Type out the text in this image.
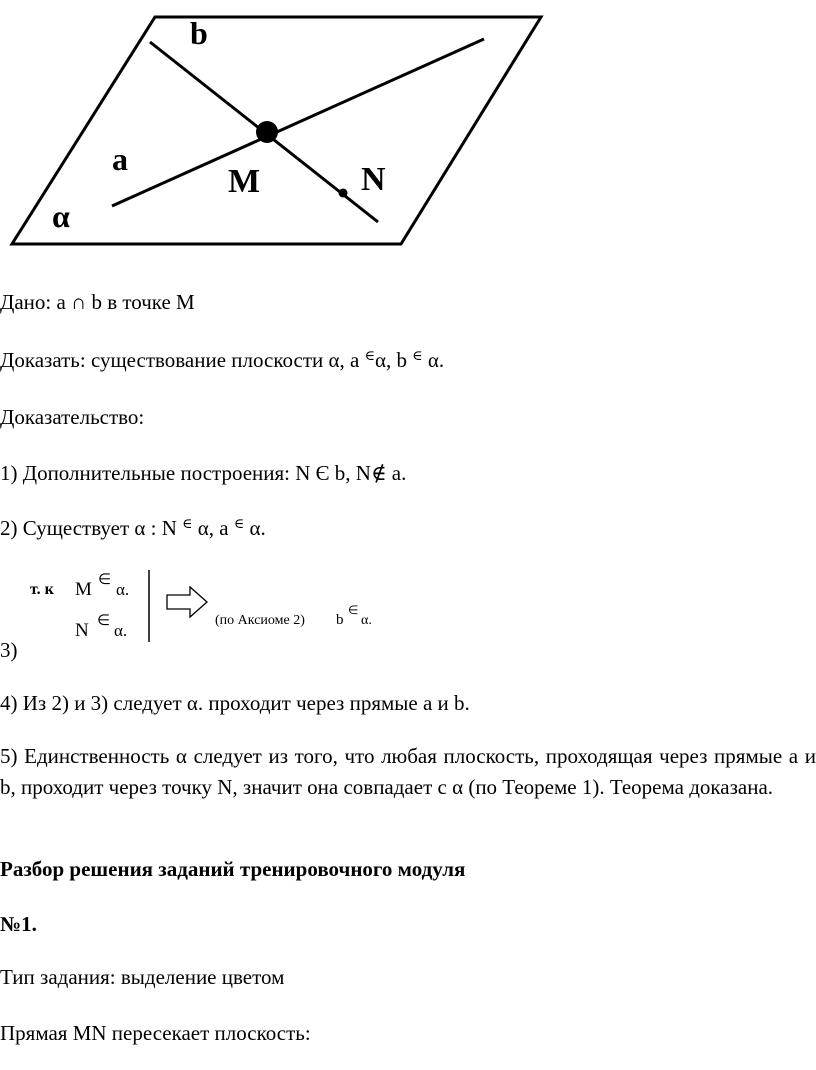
b
a
M	N
α

Дано: а ∩ b в точке М

Доказать: существование плоскости α, а ∈α, b ∈ α.

Доказательство:

1) Дополнительные построения: N Є b, N∉ a.

2) Существует α : N ∈ α, а ∈ α.

т. к M ∈ α.
N ∈ α.
(по Аксиоме 2) b
∈
α.

3)

4) Из 2) и 3) следует α. проходит через прямые a и b.

5) Единственность α следует из того, что любая плоскость, проходящая через прямые a и b, проходит через точку N, значит она совпадает с α (по Теореме 1). Теорема доказана.

Разбор решения заданий тренировочного модуля

№1.

Тип задания: выделение цветом

Прямая MN пересекает плоскость:
